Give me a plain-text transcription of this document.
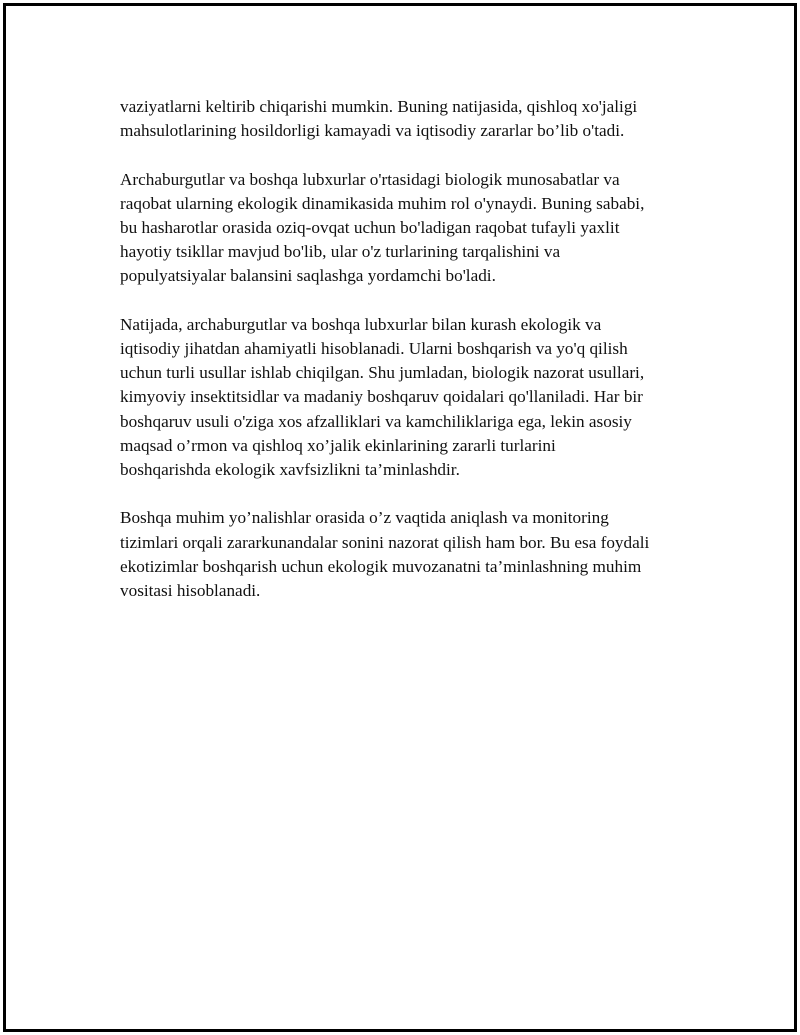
vaziyatlarni keltirib chiqarishi mumkin. Buning natijasida, qishloq xo'jaligi
mahsulotlarining hosildorligi kamayadi va iqtisodiy zararlar bo’lib o'tadi.

Archaburgutlar va boshqa lubxurlar o'rtasidagi biologik munosabatlar va
raqobat ularning ekologik dinamikasida muhim rol o'ynaydi. Buning sababi,
bu hasharotlar orasida oziq-ovqat uchun bo'ladigan raqobat tufayli yaxlit
hayotiy tsikllar mavjud bo'lib, ular o'z turlarining tarqalishini va
populyatsiyalar balansini saqlashga yordamchi bo'ladi.

Natijada, archaburgutlar va boshqa lubxurlar bilan kurash ekologik va
iqtisodiy jihatdan ahamiyatli hisoblanadi. Ularni boshqarish va yo'q qilish
uchun turli usullar ishlab chiqilgan. Shu jumladan, biologik nazorat usullari,
kimyoviy insektitsidlar va madaniy boshqaruv qoidalari qo'llaniladi. Har bir
boshqaruv usuli o'ziga xos afzalliklari va kamchiliklariga ega, lekin asosiy
maqsad o’rmon va qishloq xo’jalik ekinlarining zararli turlarini
boshqarishda ekologik xavfsizlikni ta’minlashdir.

Boshqa muhim yo’nalishlar orasida o’z vaqtida aniqlash va monitoring
tizimlari orqali zararkunandalar sonini nazorat qilish ham bor. Bu esa foydali
ekotizimlar boshqarish uchun ekologik muvozanatni ta’minlashning muhim
vositasi hisoblanadi.
